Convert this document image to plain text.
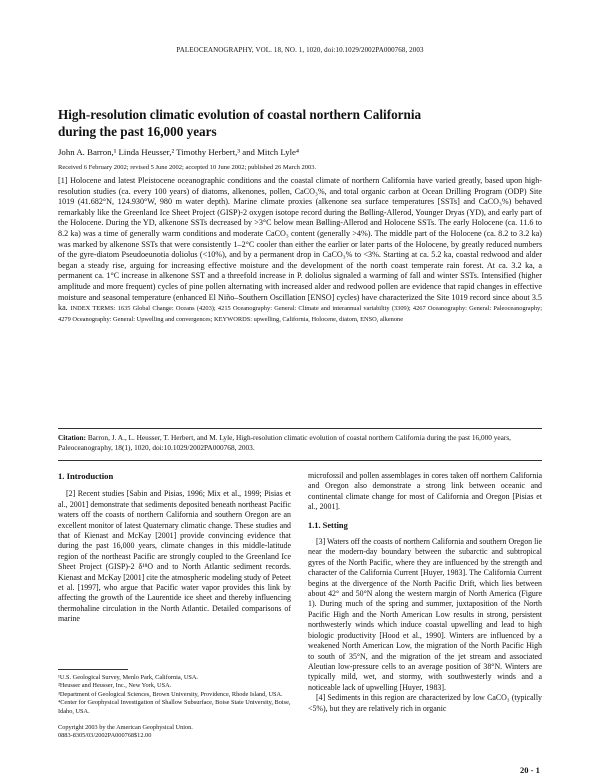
PALEOCEANOGRAPHY, VOL. 18, NO. 1, 1020, doi:10.1029/2002PA000768, 2003
High-resolution climatic evolution of coastal northern California
during the past 16,000 years
John A. Barron,¹ Linda Heusser,² Timothy Herbert,³ and Mitch Lyle⁴
Received 6 February 2002; revised 5 June 2002; accepted 10 June 2002; published 26 March 2003.
[1] Holocene and latest Pleistocene oceanographic conditions and the coastal climate of northern California have varied greatly, based upon high-resolution studies (ca. every 100 years) of diatoms, alkenones, pollen, CaCO₃%, and total organic carbon at Ocean Drilling Program (ODP) Site 1019 (41.682°N, 124.930°W, 980 m water depth). Marine climate proxies (alkenone sea surface temperatures [SSTs] and CaCO₃%) behaved remarkably like the Greenland Ice Sheet Project (GISP)-2 oxygen isotope record during the Bølling-Allerod, Younger Dryas (YD), and early part of the Holocene. During the YD, alkenone SSTs decreased by >3°C below mean Bølling-Allerod and Holocene SSTs. The early Holocene (ca. 11.6 to 8.2 ka) was a time of generally warm conditions and moderate CaCO₃ content (generally >4%). The middle part of the Holocene (ca. 8.2 to 3.2 ka) was marked by alkenone SSTs that were consistently 1–2°C cooler than either the earlier or later parts of the Holocene, by greatly reduced numbers of the gyre-diatom Pseudoeunotia doliolus (<10%), and by a permanent drop in CaCO₃% to <3%. Starting at ca. 5.2 ka, coastal redwood and alder began a steady rise, arguing for increasing effective moisture and the development of the north coast temperate rain forest. At ca. 3.2 ka, a permanent ca. 1°C increase in alkenone SST and a threefold increase in P. doliolus signaled a warming of fall and winter SSTs. Intensified (higher amplitude and more frequent) cycles of pine pollen alternating with increased alder and redwood pollen are evidence that rapid changes in effective moisture and seasonal temperature (enhanced El Niño–Southern Oscillation [ENSO] cycles) have characterized the Site 1019 record since about 3.5 ka. INDEX TERMS: 1635 Global Change: Oceans (4203); 4215 Oceanography: General: Climate and interannual variability (3309); 4267 Oceanography: General: Paleoceanography; 4279 Oceanography: General: Upwelling and convergences; KEYWORDS: upwelling, California, Holocene, diatom, ENSO, alkenone
Citation: Barron, J. A., L. Heusser, T. Herbert, and M. Lyle, High-resolution climatic evolution of coastal northern California during the past 16,000 years, Paleoceanography, 18(1), 1020, doi:10.1029/2002PA000768, 2003.
1. Introduction

[2] Recent studies [Sabin and Pisias, 1996; Mix et al., 1999; Pisias et al., 2001] demonstrate that sediments deposited beneath northeast Pacific waters off the coasts of northern California and southern Oregon are an excellent monitor of latest Quaternary climatic change. These studies and that of Kienast and McKay [2001] provide convincing evidence that during the past 16,000 years, climate changes in this middle-latitude region of the northeast Pacific are strongly coupled to the Greenland Ice Sheet Project (GISP)-2 δ¹⁸O and to North Atlantic sediment records. Kienast and McKay [2001] cite the atmospheric modeling study of Peteet et al. [1997], who argue that Pacific water vapor provides this link by affecting the growth of the Laurentide ice sheet and thereby influencing thermohaline circulation in the North Atlantic. Detailed comparisons of marine

¹U.S. Geological Survey, Menlo Park, California, USA.
²Heusser and Heusser, Inc., New York, USA.
³Department of Geological Sciences, Brown University, Providence, Rhode Island, USA.
⁴Center for Geophysical Investigation of Shallow Subsurface, Boise State University, Boise, Idaho, USA.
Copyright 2003 by the American Geophysical Union.
0883-8305/03/2002PA000768$12.00

microfossil and pollen assemblages in cores taken off northern California and Oregon also demonstrate a strong link between oceanic and continental climate change for most of California and Oregon [Pisias et al., 2001].

1.1. Setting

[3] Waters off the coasts of northern California and southern Oregon lie near the modern-day boundary between the subarctic and subtropical gyres of the North Pacific, where they are influenced by the strength and character of the California Current [Huyer, 1983]. The California Current begins at the divergence of the North Pacific Drift, which lies between about 42° and 50°N along the western margin of North America (Figure 1). During much of the spring and summer, juxtaposition of the North Pacific High and the North American Low results in strong, persistent northwesterly winds which induce coastal upwelling and lead to high biologic productivity [Hood et al., 1990]. Winters are influenced by a weakened North American Low, the migration of the North Pacific High to south of 35°N, and the migration of the jet stream and associated Aleutian low-pressure cells to an average position of 38°N. Winters are typically mild, wet, and stormy, with southwesterly winds and a noticeable lack of upwelling [Huyer, 1983].

[4] Sediments in this region are characterized by low CaCO₃ (typically <5%), but they are relatively rich in organic

20 - 1
